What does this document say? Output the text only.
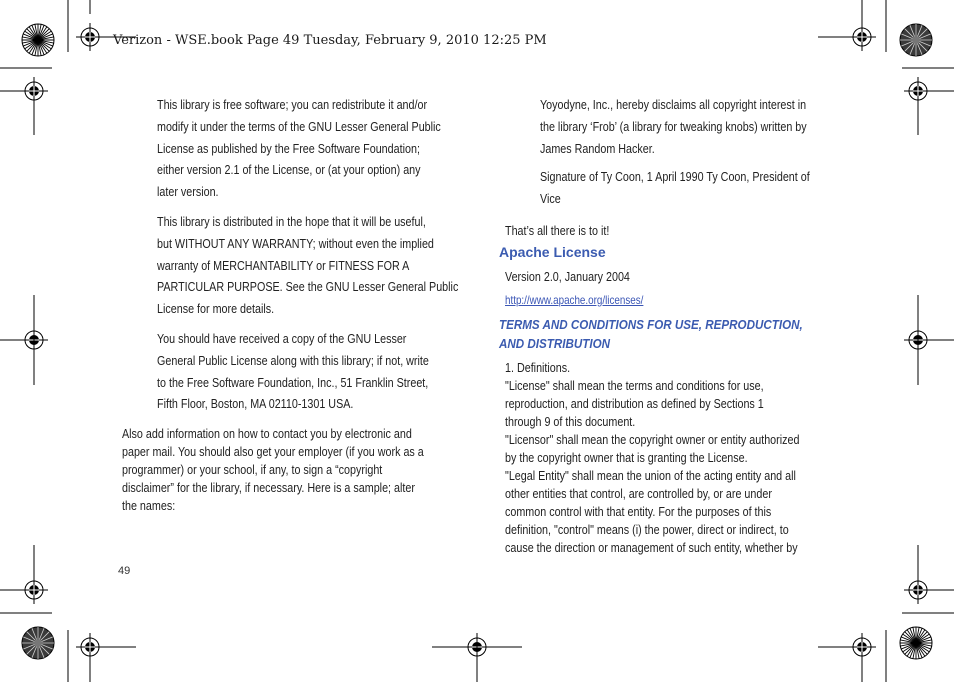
Verizon - WSE.book Page 49 Tuesday, February 9, 2010 12:25 PM
This library is free software; you can redistribute it and/or
modify it under the terms of the GNU Lesser General Public
License as published by the Free Software Foundation;
either version 2.1 of the License, or (at your option) any
later version.
This library is distributed in the hope that it will be useful,
but WITHOUT ANY WARRANTY; without even the implied
warranty of MERCHANTABILITY or FITNESS FOR A
PARTICULAR PURPOSE. See the GNU Lesser General Public
License for more details.
You should have received a copy of the GNU Lesser
General Public License along with this library; if not, write
to the Free Software Foundation, Inc., 51 Franklin Street,
Fifth Floor, Boston, MA 02110-1301 USA.
Also add information on how to contact you by electronic and
paper mail. You should also get your employer (if you work as a
programmer) or your school, if any, to sign a “copyright
disclaimer” for the library, if necessary. Here is a sample; alter
the names:
Yoyodyne, Inc., hereby disclaims all copyright interest in
the library ‘Frob’ (a library for tweaking knobs) written by
James Random Hacker.
Signature of Ty Coon, 1 April 1990 Ty Coon, President of
Vice
That’s all there is to it!
Apache License
Version 2.0, January 2004
http://www.apache.org/licenses/
TERMS AND CONDITIONS FOR USE, REPRODUCTION,
AND DISTRIBUTION
1. Definitions.
"License" shall mean the terms and conditions for use,
reproduction, and distribution as defined by Sections 1
through 9 of this document.
"Licensor" shall mean the copyright owner or entity authorized
by the copyright owner that is granting the License.
"Legal Entity" shall mean the union of the acting entity and all
other entities that control, are controlled by, or are under
common control with that entity. For the purposes of this
definition, "control" means (i) the power, direct or indirect, to
cause the direction or management of such entity, whether by
49
